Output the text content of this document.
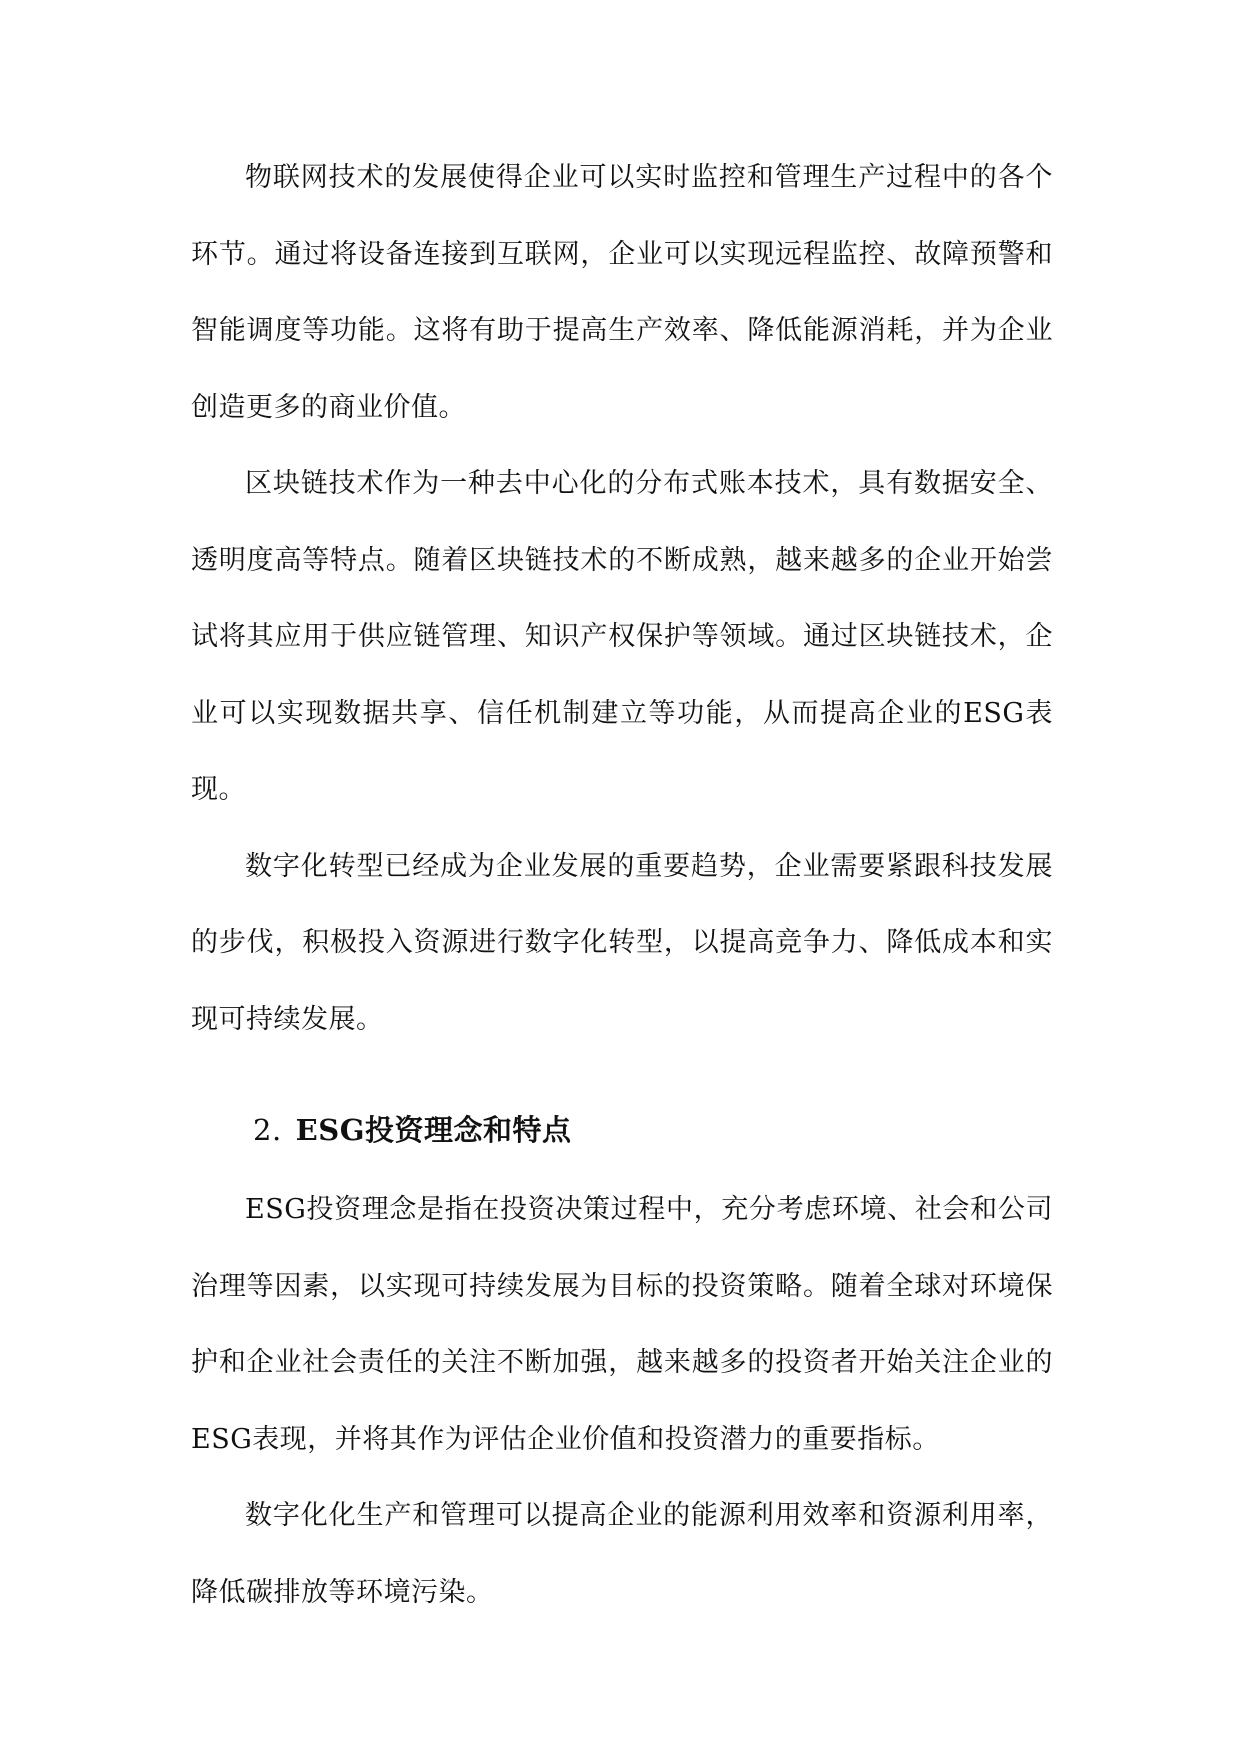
物联网技术的发展使得企业可以实时监控和管理生产过程中的各个环节。通过将设备连接到互联网，企业可以实现远程监控、故障预警和智能调度等功能。这将有助于提高生产效率、降低能源消耗，并为企业创造更多的商业价值。

区块链技术作为一种去中心化的分布式账本技术，具有数据安全、透明度高等特点。随着区块链技术的不断成熟，越来越多的企业开始尝试将其应用于供应链管理、知识产权保护等领域。通过区块链技术，企业可以实现数据共享、信任机制建立等功能，从而提高企业的ESG表现。

数字化转型已经成为企业发展的重要趋势，企业需要紧跟科技发展的步伐，积极投入资源进行数字化转型，以提高竞争力、降低成本和实现可持续发展。

2. ESG投资理念和特点

ESG投资理念是指在投资决策过程中，充分考虑环境、社会和公司治理等因素，以实现可持续发展为目标的投资策略。随着全球对环境保护和企业社会责任的关注不断加强，越来越多的投资者开始关注企业的ESG表现，并将其作为评估企业价值和投资潜力的重要指标。

数字化化生产和管理可以提高企业的能源利用效率和资源利用率，降低碳排放等环境污染。
